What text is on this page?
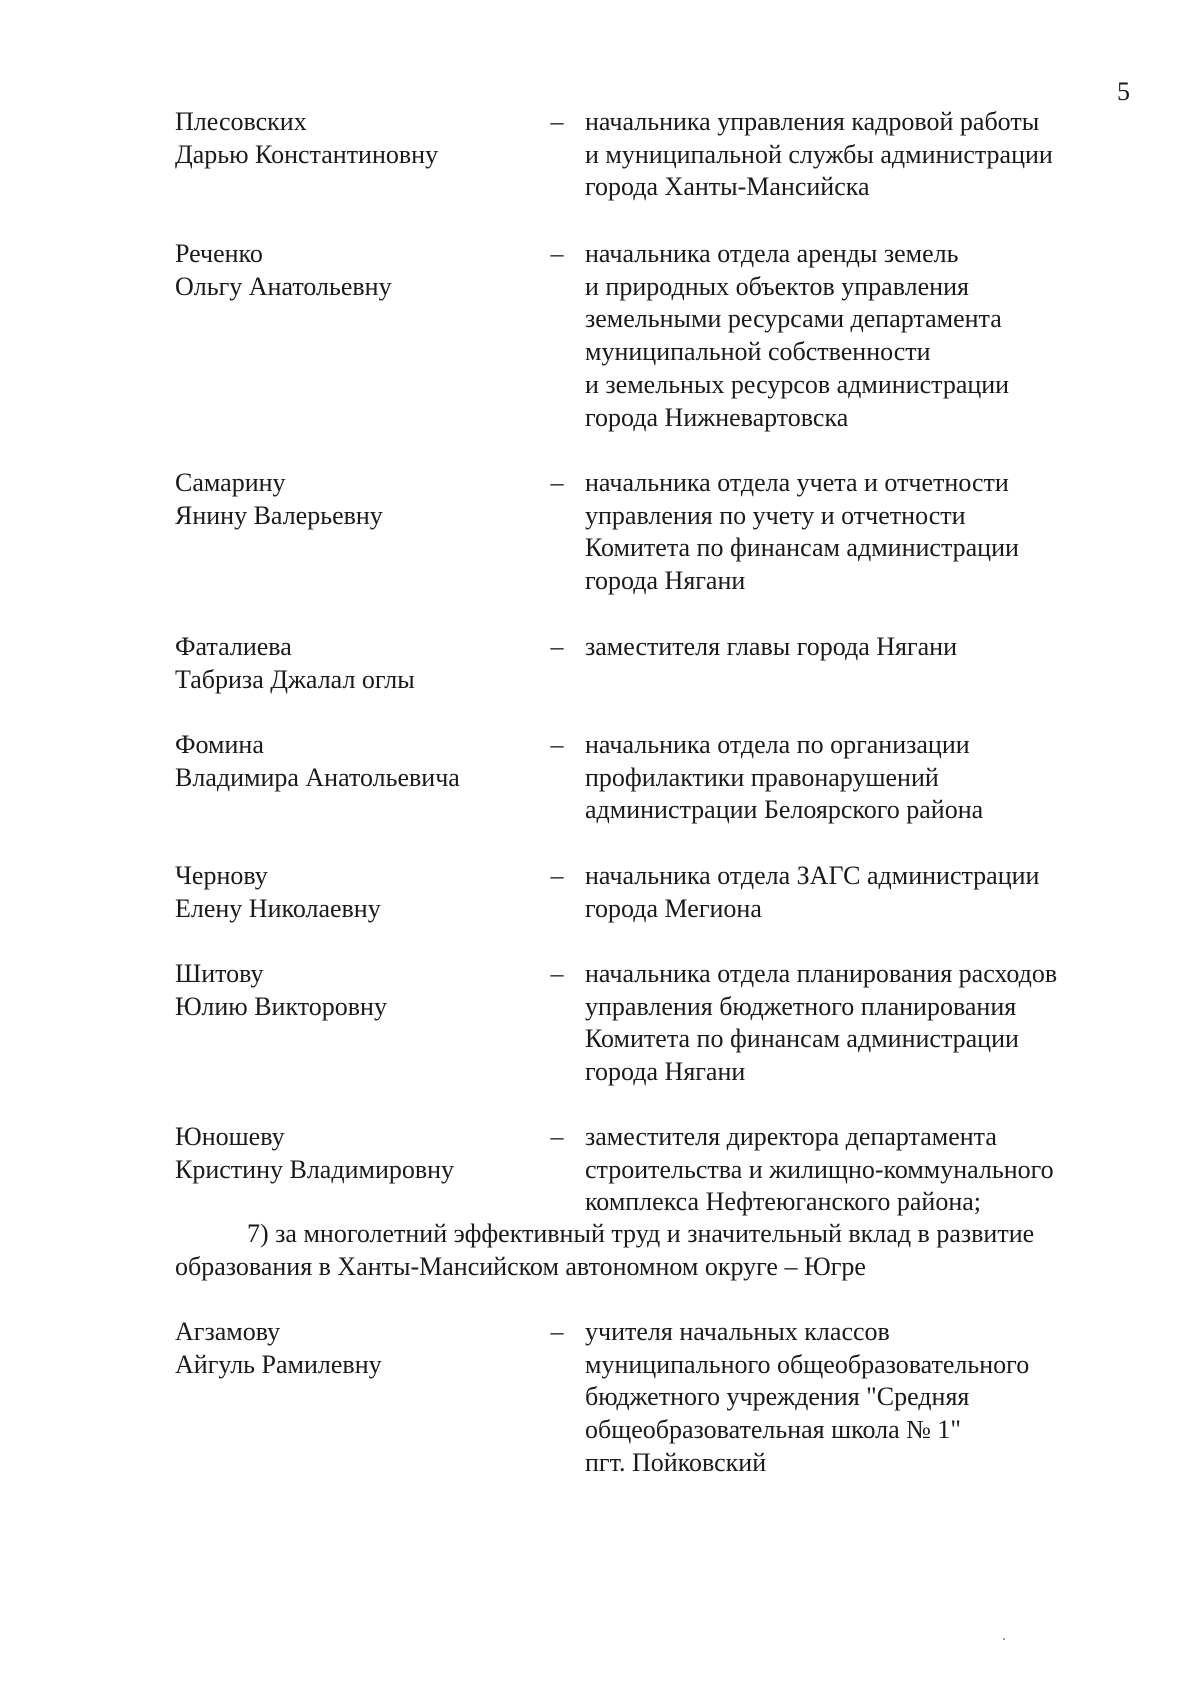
5
Плесовских
Дарью Константиновну
– начальника управления кадровой работы
и муниципальной службы администрации
города Ханты-Мансийска
Реченко
Ольгу Анатольевну
– начальника отдела аренды земель
и природных объектов управления
земельными ресурсами департамента
муниципальной собственности
и земельных ресурсов администрации
города Нижневартовска
Самарину
Янину Валерьевну
– начальника отдела учета и отчетности
управления по учету и отчетности
Комитета по финансам администрации
города Нягани
Фаталиева
Табриза Джалал оглы
– заместителя главы города Нягани
Фомина
Владимира Анатольевича
– начальника отдела по организации
профилактики правонарушений
администрации Белоярского района
Чернову
Елену Николаевну
– начальника отдела ЗАГС администрации
города Мегиона
Шитову
Юлию Викторовну
– начальника отдела планирования расходов
управления бюджетного планирования
Комитета по финансам администрации
города Нягани
Юношеву
Кристину Владимировну
– заместителя директора департамента
строительства и жилищно-коммунального
комплекса Нефтеюганского района;
7) за многолетний эффективный труд и значительный вклад в развитие
образования в Ханты-Мансийском автономном округе – Югре
Агзамову
Айгуль Рамилевну
– учителя начальных классов
муниципального общеобразовательного
бюджетного учреждения "Средняя
общеобразовательная школа № 1"
пгт. Пойковский
